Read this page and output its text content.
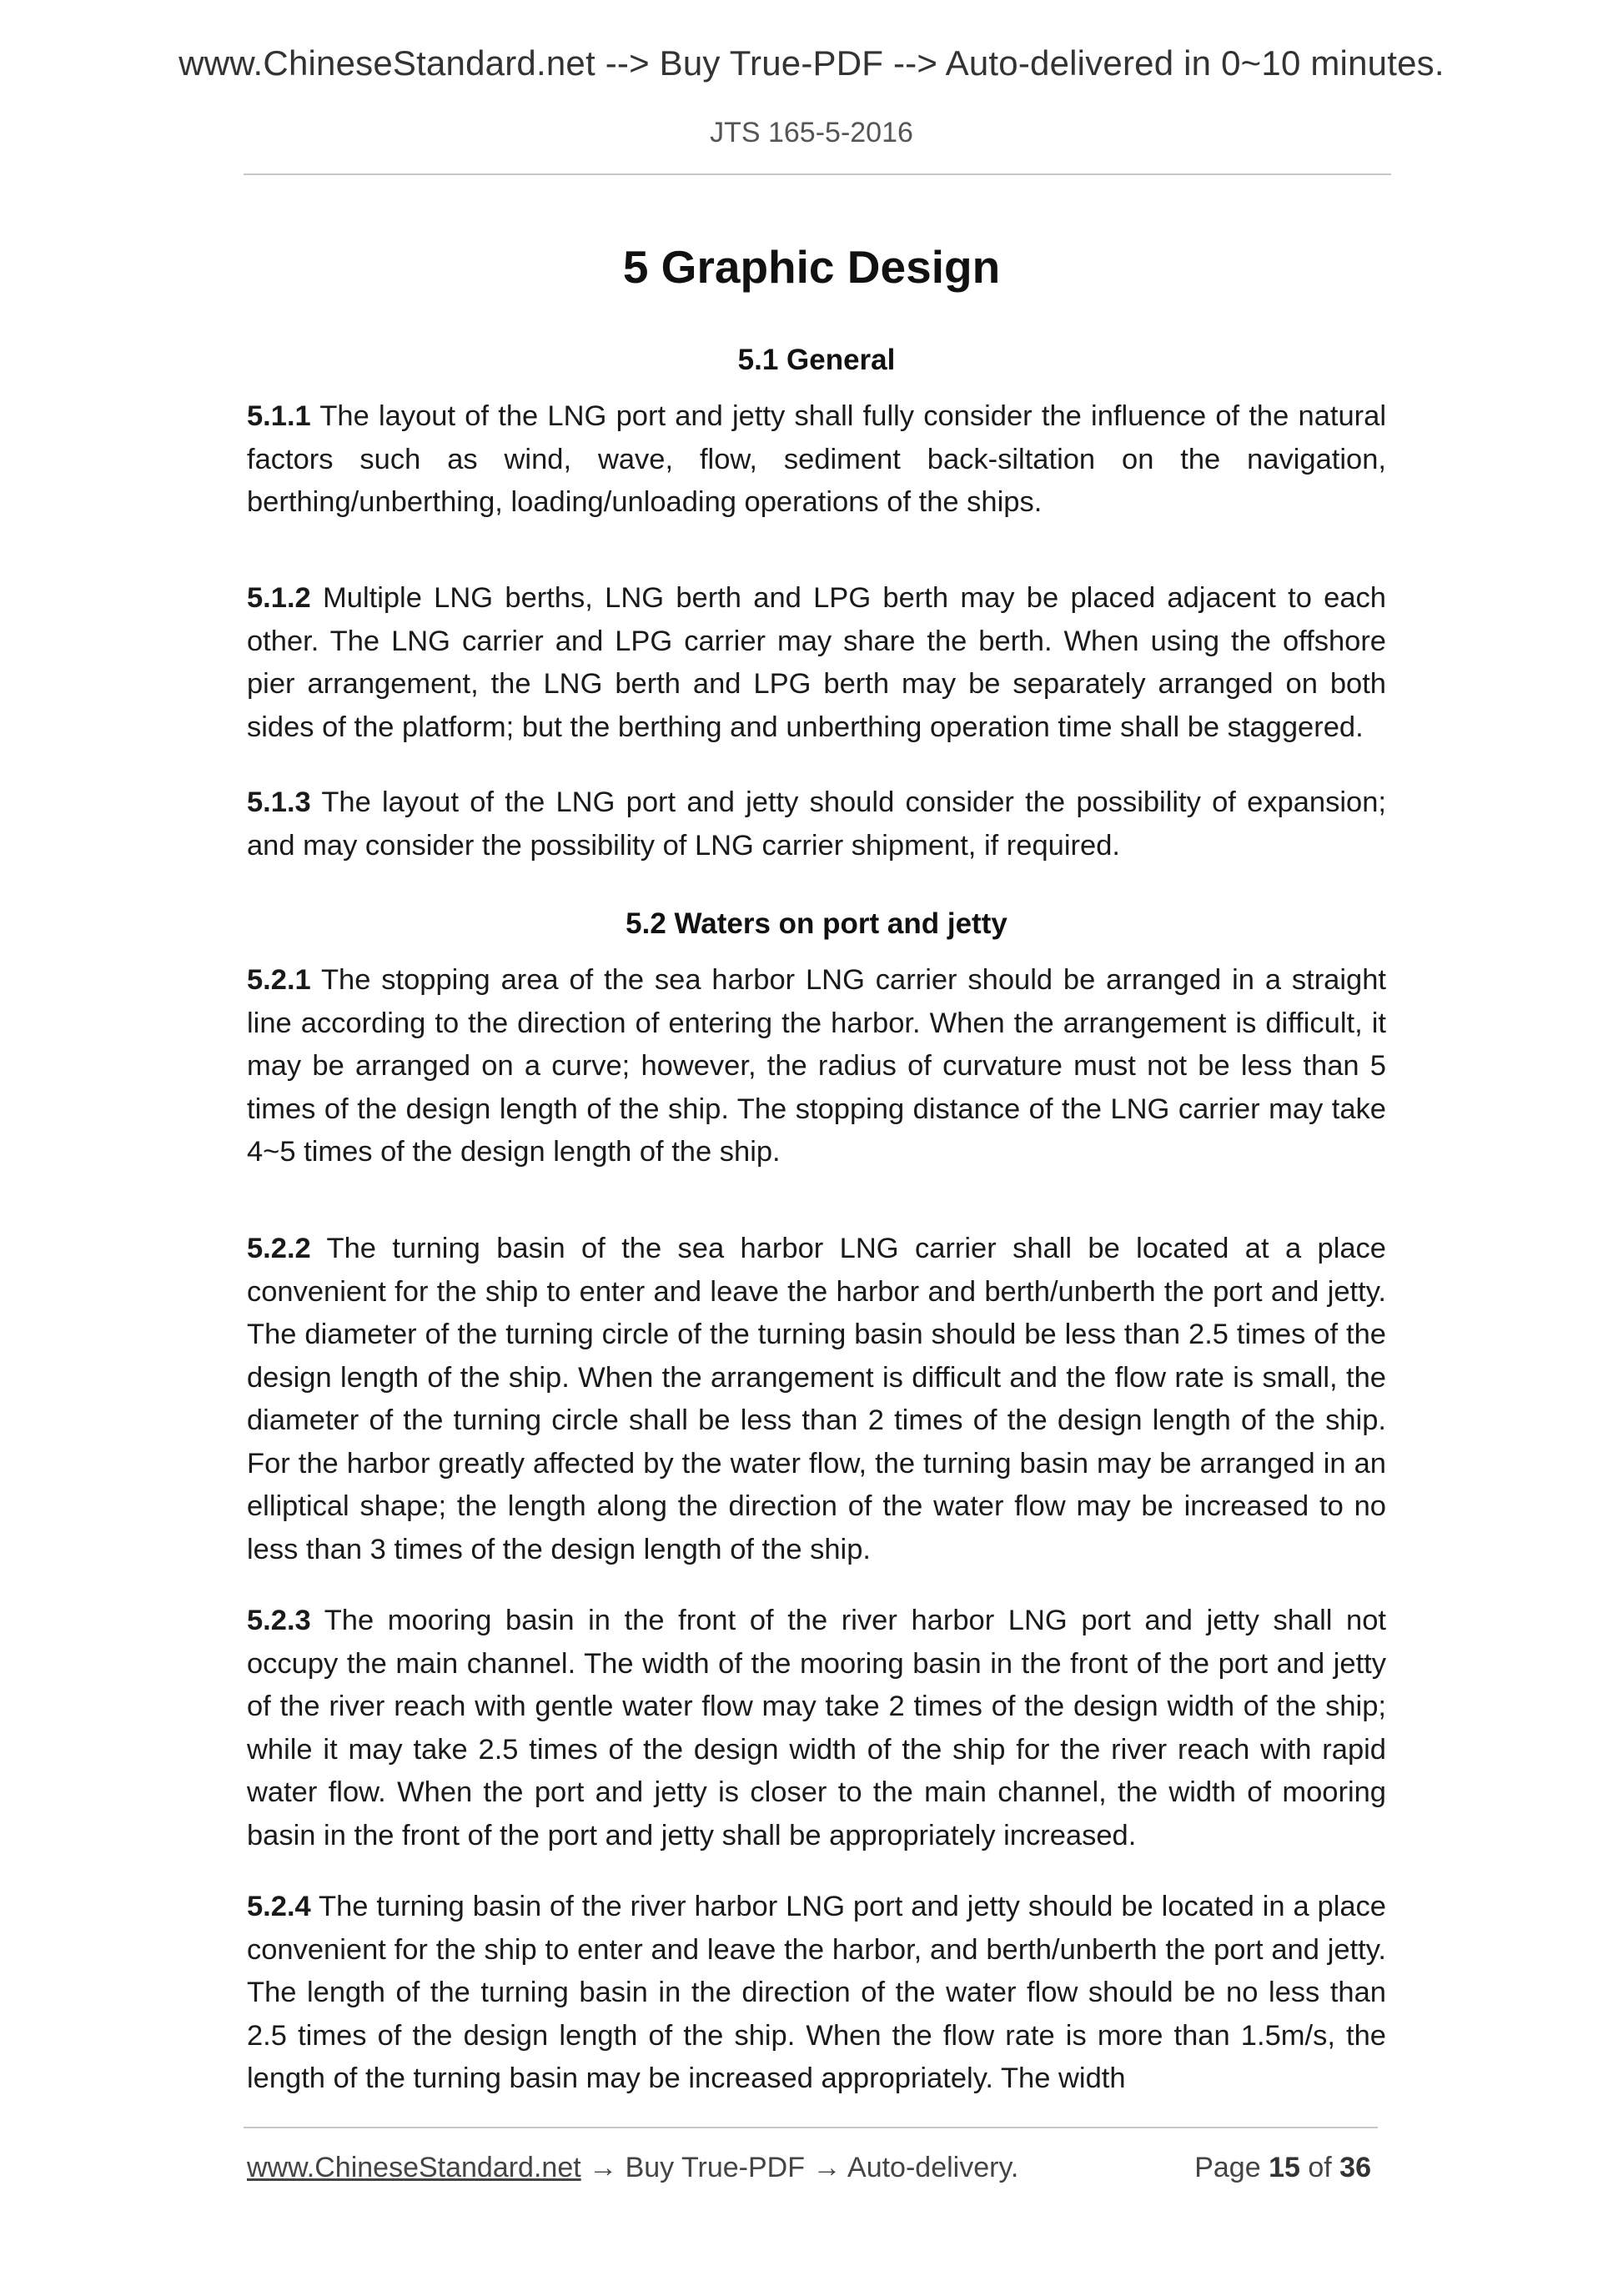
www.ChineseStandard.net --> Buy True-PDF --> Auto-delivered in 0~10 minutes.
JTS 165-5-2016
5 Graphic Design
5.1 General

5.1.1 The layout of the LNG port and jetty shall fully consider the influence of the natural factors such as wind, wave, flow, sediment back-siltation on the navigation, berthing/unberthing, loading/unloading operations of the ships.

5.1.2 Multiple LNG berths, LNG berth and LPG berth may be placed adjacent to each other. The LNG carrier and LPG carrier may share the berth. When using the offshore pier arrangement, the LNG berth and LPG berth may be separately arranged on both sides of the platform; but the berthing and unberthing operation time shall be staggered.

5.1.3 The layout of the LNG port and jetty should consider the possibility of expansion; and may consider the possibility of LNG carrier shipment, if required.

5.2 Waters on port and jetty

5.2.1 The stopping area of the sea harbor LNG carrier should be arranged in a straight line according to the direction of entering the harbor. When the arrangement is difficult, it may be arranged on a curve; however, the radius of curvature must not be less than 5 times of the design length of the ship. The stopping distance of the LNG carrier may take 4~5 times of the design length of the ship.

5.2.2 The turning basin of the sea harbor LNG carrier shall be located at a place convenient for the ship to enter and leave the harbor and berth/unberth the port and jetty. The diameter of the turning circle of the turning basin should be less than 2.5 times of the design length of the ship. When the arrangement is difficult and the flow rate is small, the diameter of the turning circle shall be less than 2 times of the design length of the ship. For the harbor greatly affected by the water flow, the turning basin may be arranged in an elliptical shape; the length along the direction of the water flow may be increased to no less than 3 times of the design length of the ship.

5.2.3 The mooring basin in the front of the river harbor LNG port and jetty shall not occupy the main channel. The width of the mooring basin in the front of the port and jetty of the river reach with gentle water flow may take 2 times of the design width of the ship; while it may take 2.5 times of the design width of the ship for the river reach with rapid water flow. When the port and jetty is closer to the main channel, the width of mooring basin in the front of the port and jetty shall be appropriately increased.

5.2.4 The turning basin of the river harbor LNG port and jetty should be located in a place convenient for the ship to enter and leave the harbor, and berth/unberth the port and jetty. The length of the turning basin in the direction of the water flow should be no less than 2.5 times of the design length of the ship. When the flow rate is more than 1.5m/s, the length of the turning basin may be increased appropriately. The width

www.ChineseStandard.net → Buy True-PDF → Auto-delivery.	Page 15 of 36
